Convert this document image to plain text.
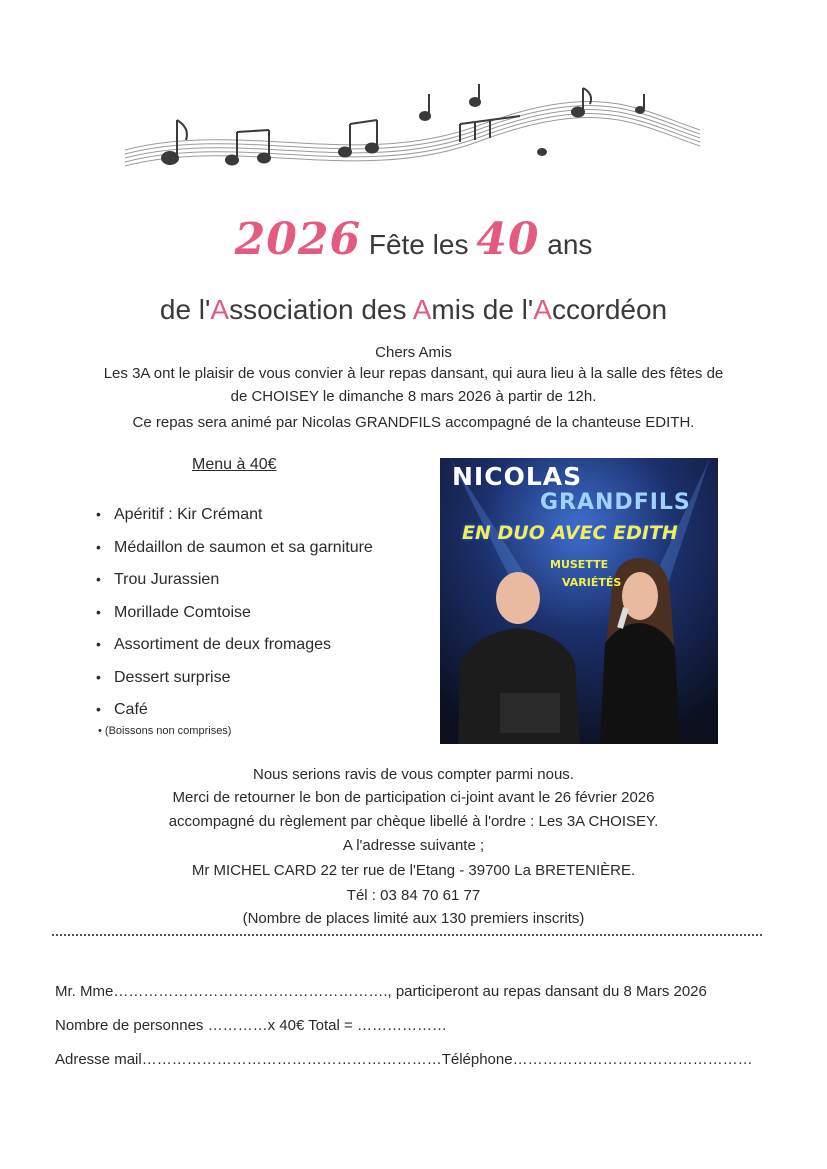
2026 Fête les 40 ans
de l'Association des Amis de l'Accordéon
Chers Amis
Les 3A ont le plaisir de vous convier à leur repas dansant, qui aura lieu à la salle des fêtes de
de CHOISEY le dimanche 8 mars 2026 à partir de 12h.
Ce repas sera animé par Nicolas GRANDFILS accompagné de la chanteuse EDITH.
Menu à 40€
• Apéritif : Kir Crémant
• Médaillon de saumon et sa garniture
• Trou Jurassien
• Morillade Comtoise
• Assortiment de deux fromages
• Dessert surprise
• Café
• (Boissons non comprises)
NICOLAS
GRANDFILS
EN DUO AVEC EDITH
MUSETTE
VARIÉTÉS
Nous serions ravis de vous compter parmi nous.
Merci de retourner le bon de participation ci-joint avant le 26 février 2026
accompagné du règlement par chèque libellé à l'ordre : Les 3A CHOISEY.
A l'adresse suivante ;
Mr MICHEL CARD 22 ter rue de l'Etang - 39700 La BRETENIÈRE.
Tél : 03 84 70 61 77
(Nombre de places limité aux 130 premiers inscrits)
Mr. Mme………………………………………………., participeront au repas dansant du 8 Mars 2026
Nombre de personnes …………x 40€ Total = ………………
Adresse mail……………………………………………………Téléphone…………………………………………
